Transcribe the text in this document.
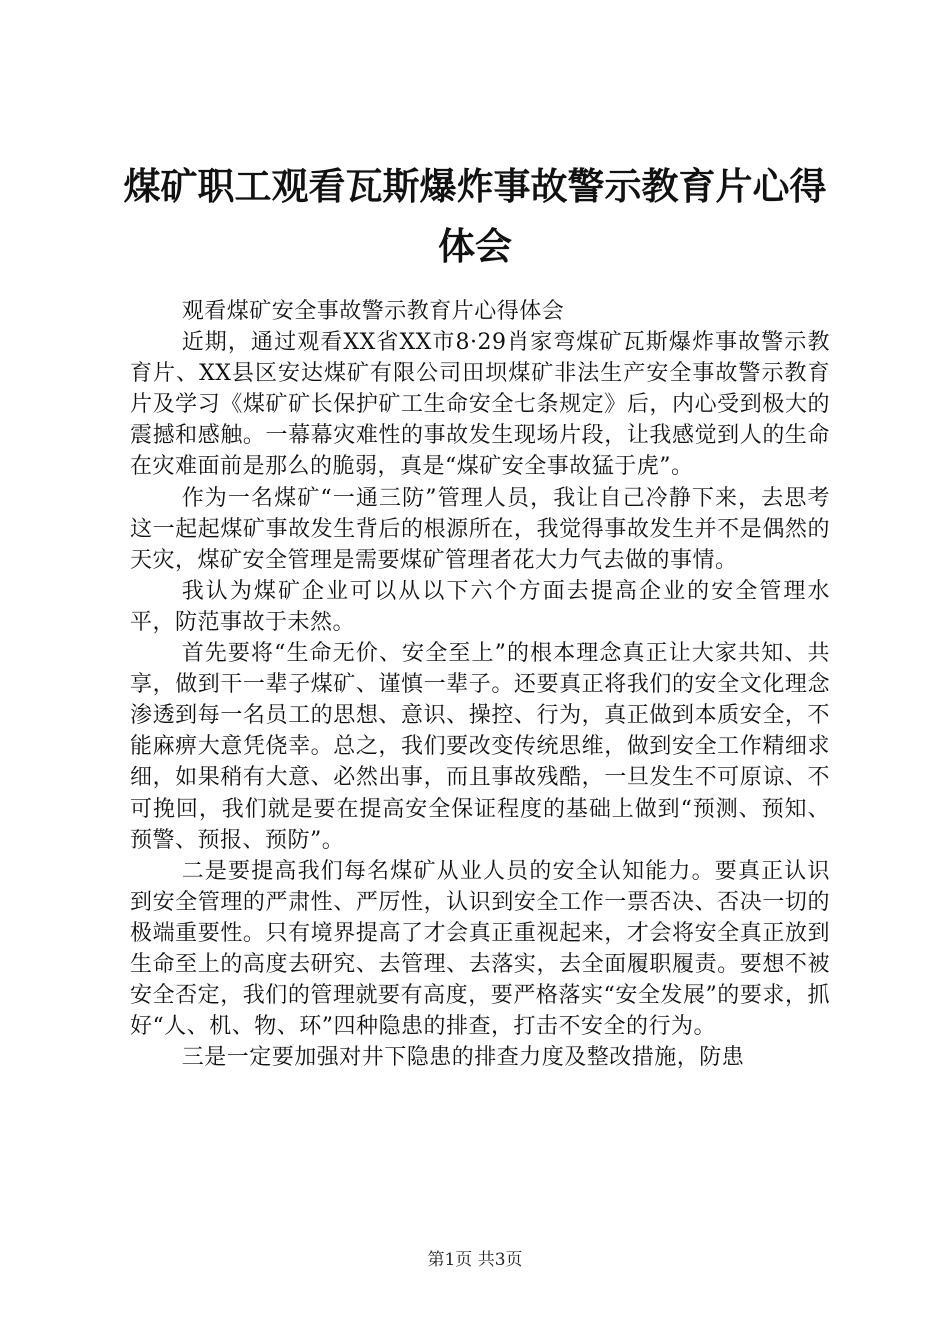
煤矿职工观看瓦斯爆炸事故警示教育片心得体会

观看煤矿安全事故警示教育片心得体会

近期，通过观看XX省XX市8·29肖家弯煤矿瓦斯爆炸事故警示教育片、XX县区安达煤矿有限公司田坝煤矿非法生产安全事故警示教育片及学习《煤矿矿长保护矿工生命安全七条规定》后，内心受到极大的震撼和感触。一幕幕灾难性的事故发生现场片段，让我感觉到人的生命在灾难面前是那么的脆弱，真是“煤矿安全事故猛于虎”。

作为一名煤矿“一通三防”管理人员，我让自己冷静下来，去思考这一起起煤矿事故发生背后的根源所在，我觉得事故发生并不是偶然的天灾，煤矿安全管理是需要煤矿管理者花大力气去做的事情。

我认为煤矿企业可以从以下六个方面去提高企业的安全管理水平，防范事故于未然。

首先要将“生命无价、安全至上”的根本理念真正让大家共知、共享，做到干一辈子煤矿、谨慎一辈子。还要真正将我们的安全文化理念渗透到每一名员工的思想、意识、操控、行为，真正做到本质安全，不能麻痹大意凭侥幸。总之，我们要改变传统思维，做到安全工作精细求细，如果稍有大意、必然出事，而且事故残酷，一旦发生不可原谅、不可挽回，我们就是要在提高安全保证程度的基础上做到“预测、预知、预警、预报、预防”。

二是要提高我们每名煤矿从业人员的安全认知能力。要真正认识到安全管理的严肃性、严厉性，认识到安全工作一票否决、否决一切的极端重要性。只有境界提高了才会真正重视起来，才会将安全真正放到生命至上的高度去研究、去管理、去落实，去全面履职履责。要想不被安全否定，我们的管理就要有高度，要严格落实“安全发展”的要求，抓好“人、机、物、环”四种隐患的排查，打击不安全的行为。

三是一定要加强对井下隐患的排查力度及整改措施，防患

第1页 共3页
